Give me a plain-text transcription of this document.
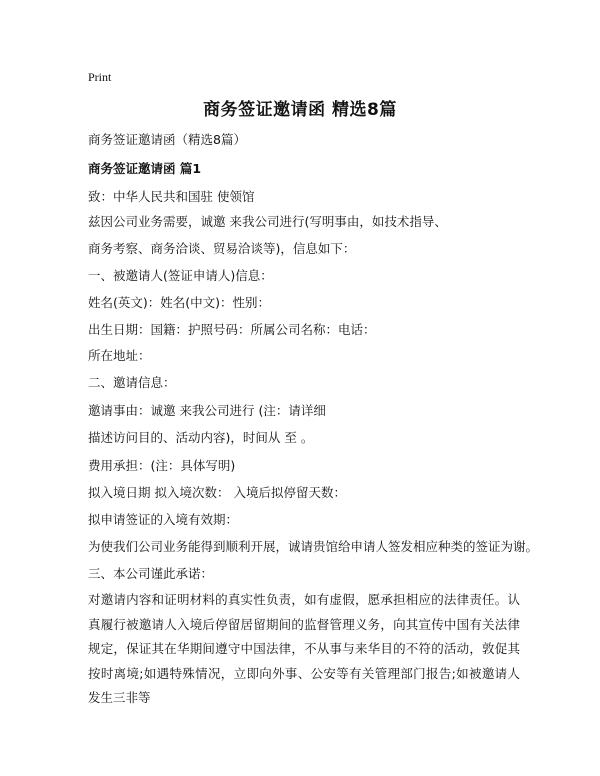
Print
商务签证邀请函 精选8篇
商务签证邀请函（精选8篇）
商务签证邀请函 篇1
致：中华人民共和国驻 使领馆
兹因公司业务需要，诚邀 来我公司进行(写明事由，如技术指导、
商务考察、商务洽谈、贸易洽谈等)，信息如下：
一、被邀请人(签证申请人)信息：
姓名(英文)：姓名(中文)：性别：
出生日期：国籍：护照号码：所属公司名称：电话：
所在地址：
二、邀请信息：
邀请事由：诚邀 来我公司进行 (注：请详细
描述访问目的、活动内容)，时间从 至 。
费用承担：(注：具体写明)
拟入境日期 拟入境次数： 入境后拟停留天数：
拟申请签证的入境有效期：
为使我们公司业务能得到顺利开展，诚请贵馆给申请人签发相应种类的签证为谢。
三、本公司谨此承诺：
对邀请内容和证明材料的真实性负责，如有虚假，愿承担相应的法律责任。认真履行被邀请人入境后停留居留期间的监督管理义务，向其宣传中国有关法律规定，保证其在华期间遵守中国法律，不从事与来华目的不符的活动，敦促其按时离境;如遇特殊情况，立即向外事、公安等有关管理部门报告;如被邀请人发生三非等
